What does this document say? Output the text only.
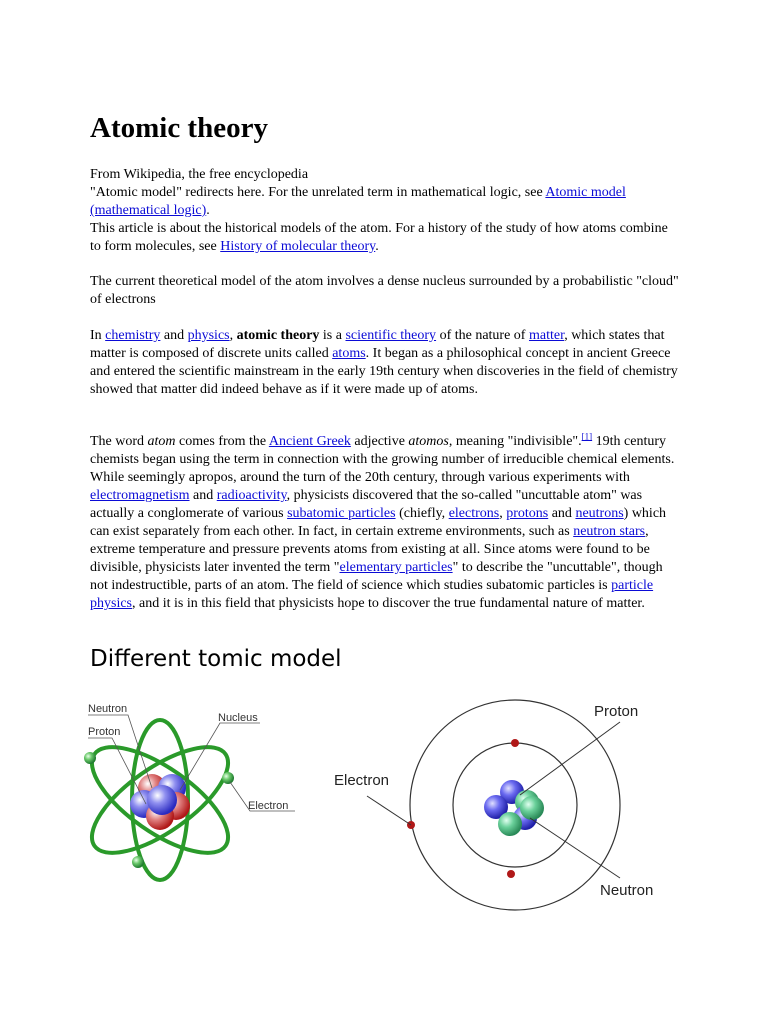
Atomic theory

From Wikipedia, the free encyclopedia

"Atomic model" redirects here. For the unrelated term in mathematical logic, see Atomic model (mathematical logic).

This article is about the historical models of the atom. For a history of the study of how atoms combine to form molecules, see History of molecular theory.

The current theoretical model of the atom involves a dense nucleus surrounded by a probabilistic "cloud" of electrons

In chemistry and physics, atomic theory is a scientific theory of the nature of matter, which states that matter is composed of discrete units called atoms. It began as a philosophical concept in ancient Greece and entered the scientific mainstream in the early 19th century when discoveries in the field of chemistry showed that matter did indeed behave as if it were made up of atoms.

The word atom comes from the Ancient Greek adjective atomos, meaning "indivisible".[1] 19th century chemists began using the term in connection with the growing number of irreducible chemical elements. While seemingly apropos, around the turn of the 20th century, through various experiments with electromagnetism and radioactivity, physicists discovered that the so-called "uncuttable atom" was actually a conglomerate of various subatomic particles (chiefly, electrons, protons and neutrons) which can exist separately from each other. In fact, in certain extreme environments, such as neutron stars, extreme temperature and pressure prevents atoms from existing at all. Since atoms were found to be divisible, physicists later invented the term "elementary particles" to describe the "uncuttable", though not indestructible, parts of an atom. The field of science which studies subatomic particles is particle physics, and it is in this field that physicists hope to discover the true fundamental nature of matter.

Different tomic model
Neutron
Proton
Nucleus
Electron
Proton
Electron
Neutron
